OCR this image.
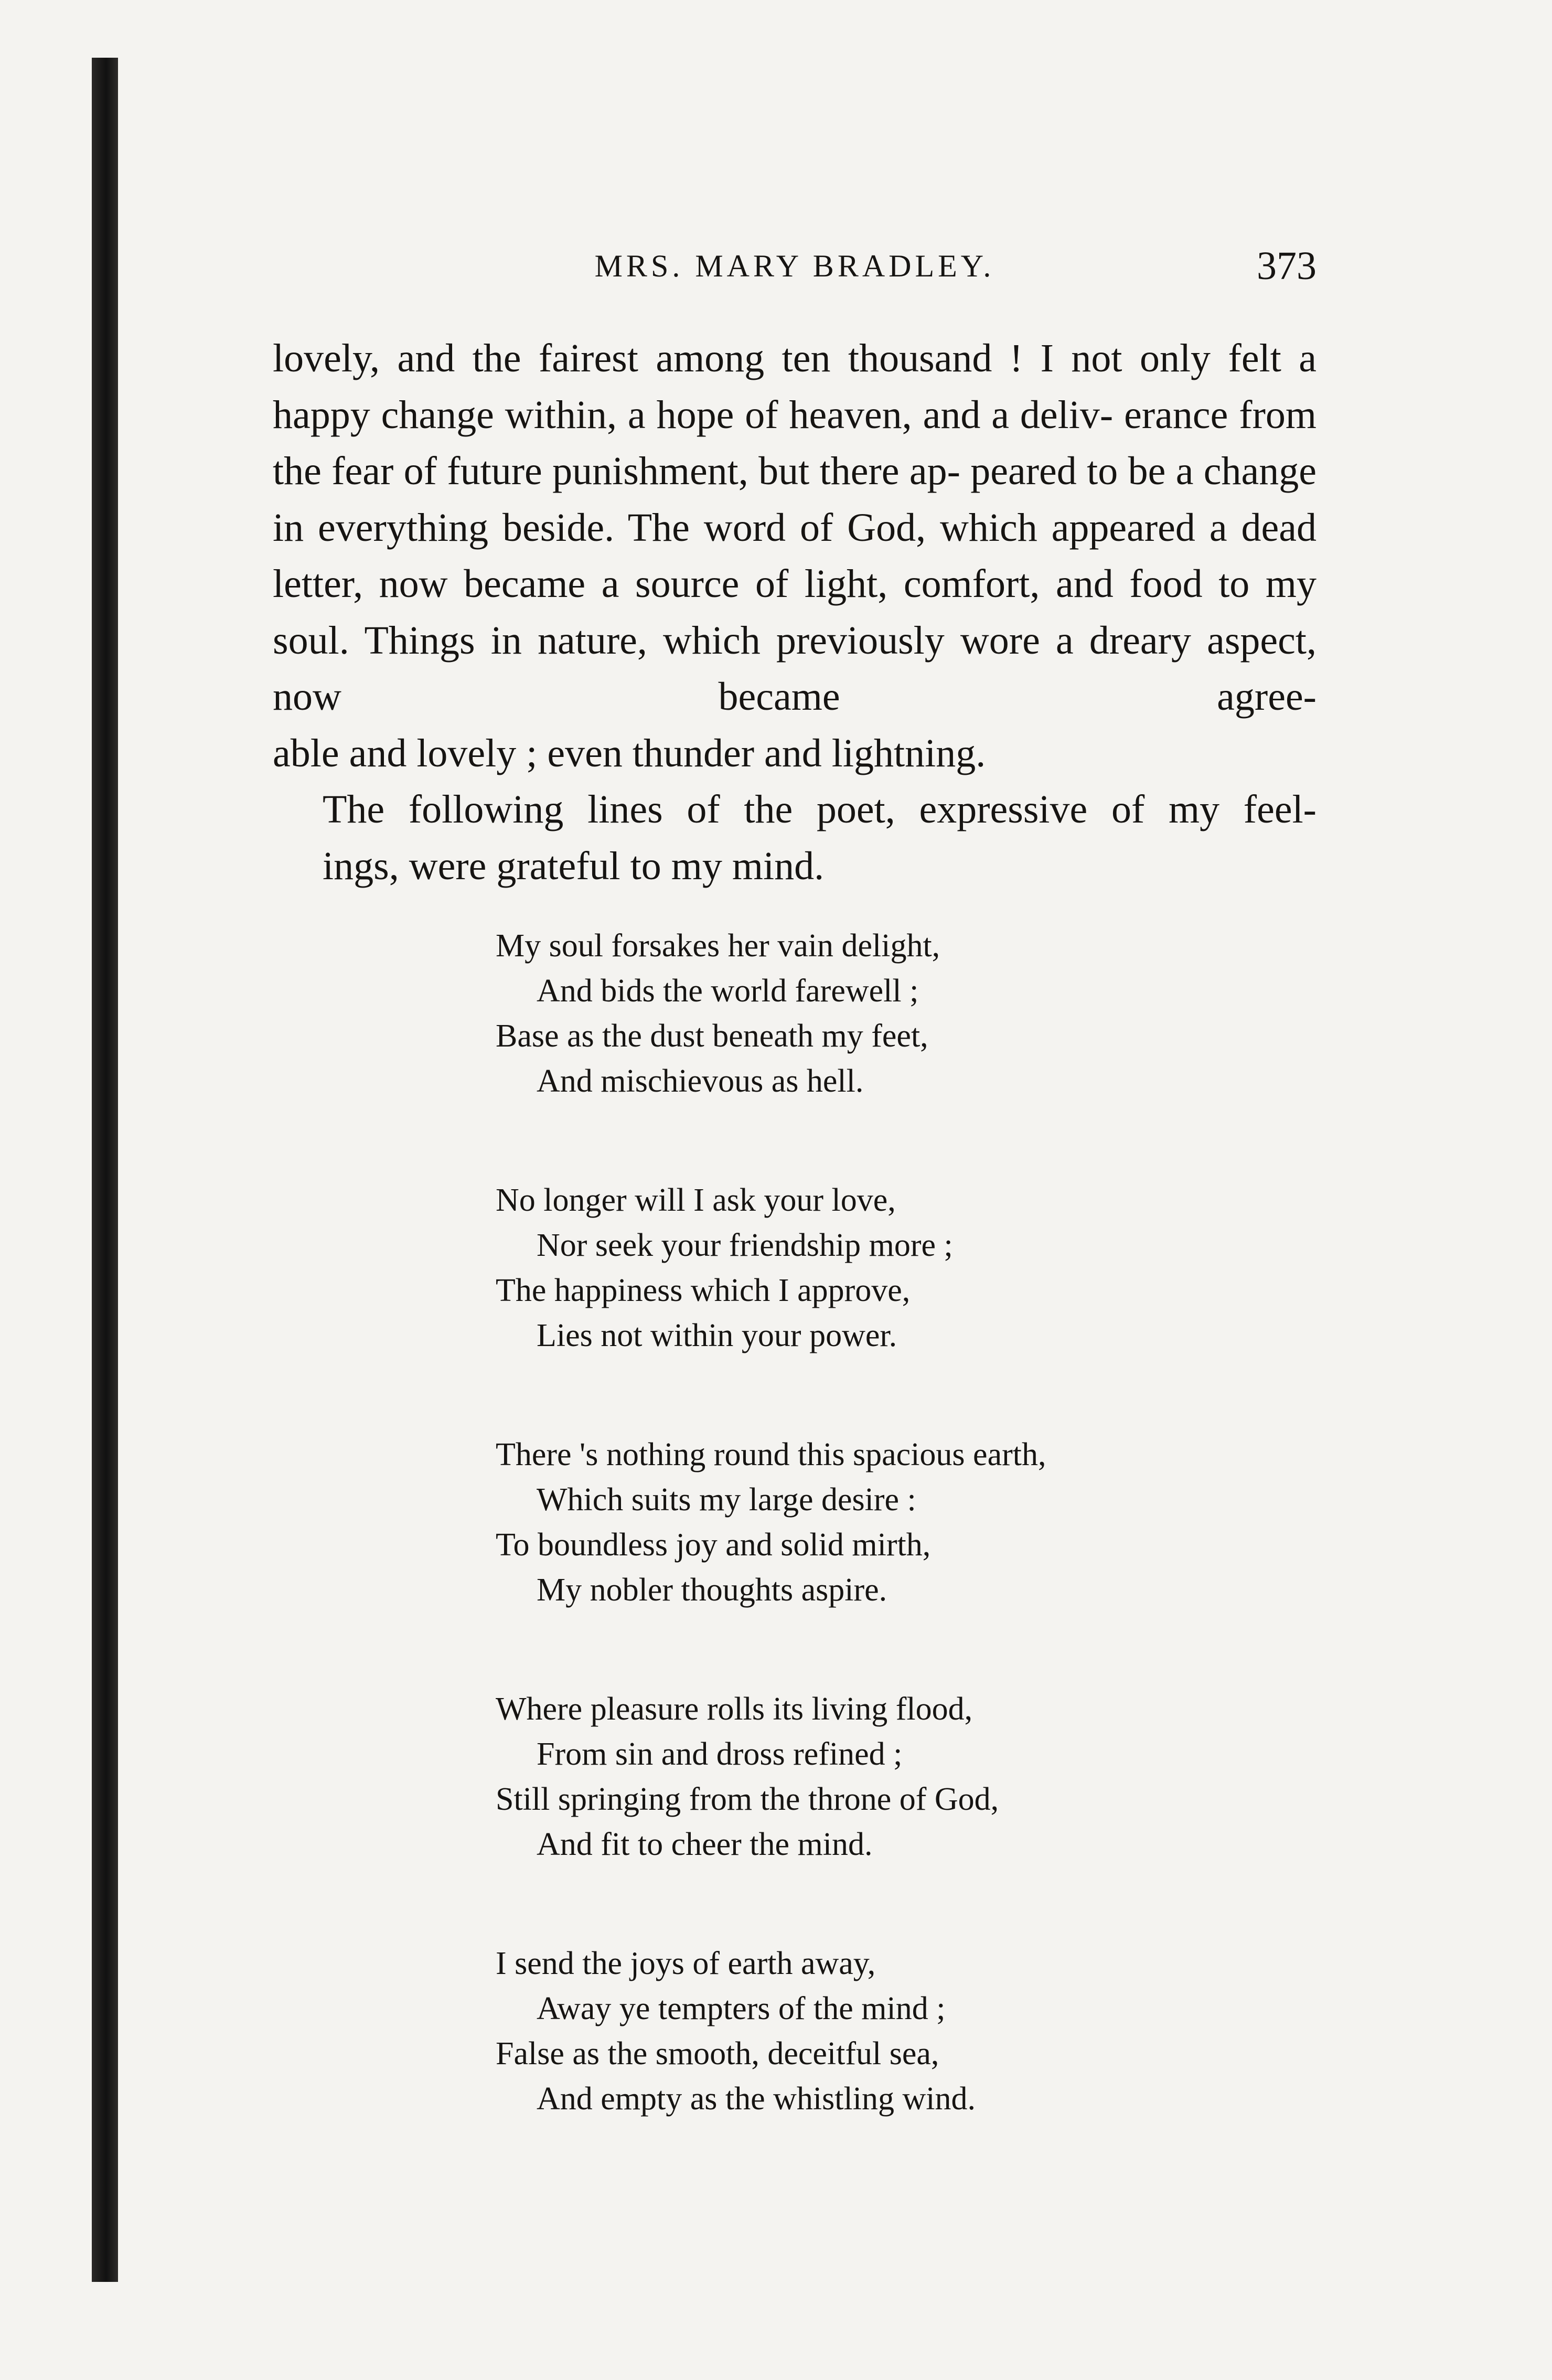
MRS. MARY BRADLEY.	373

lovely, and the fairest among ten thousand ! I not only felt a happy change within, a hope of heaven, and a deliv- erance from the fear of future punishment, but there ap- peared to be a change in everything beside. The word of God, which appeared a dead letter, now became a source of light, comfort, and food to my soul. Things in nature, which previously wore a dreary aspect, now became agree-
able and lovely ; even thunder and lightning.

The following lines of the poet, expressive of my feel-
ings, were grateful to my mind.

My soul forsakes her vain delight,
And bids the world farewell ;
Base as the dust beneath my feet,
And mischievous as hell.
No longer will I ask your love,
Nor seek your friendship more ;
The happiness which I approve,
Lies not within your power.
There 's nothing round this spacious earth,
Which suits my large desire :
To boundless joy and solid mirth,
My nobler thoughts aspire.
Where pleasure rolls its living flood,
From sin and dross refined ;
Still springing from the throne of God,
And fit to cheer the mind.
I send the joys of earth away,
Away ye tempters of the mind ;
False as the smooth, deceitful sea,
And empty as the whistling wind.
